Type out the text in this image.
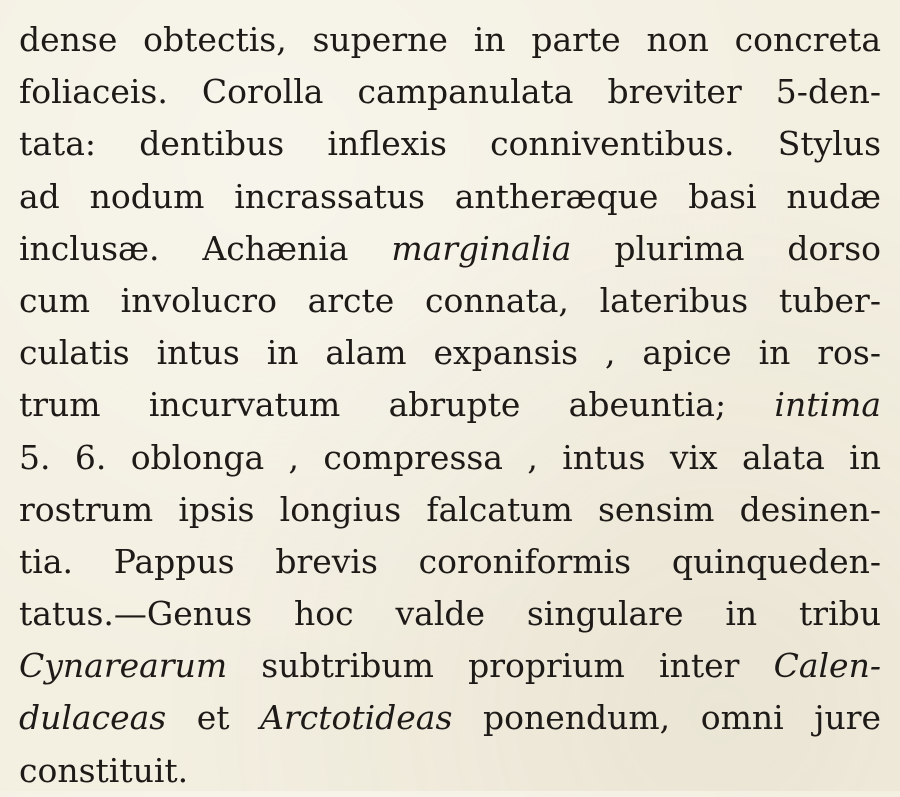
dense obtectis, superne in parte non concreta
foliaceis. Corolla campanulata breviter 5-den-
tata: dentibus inflexis conniventibus. Stylus
ad nodum incrassatus antheræque basi nudæ
inclusæ. Achænia marginalia plurima dorso
cum involucro arcte connata, lateribus tuber-
culatis intus in alam expansis , apice in ros-
trum incurvatum abrupte abeuntia; intima
5. 6. oblonga , compressa , intus vix alata in
rostrum ipsis longius falcatum sensim desinen-
tia. Pappus brevis coroniformis quinqueden-
tatus.—Genus hoc valde singulare in tribu
Cynarearum subtribum proprium inter Calen-
dulaceas et Arctotideas ponendum, omni jure
constituit.
